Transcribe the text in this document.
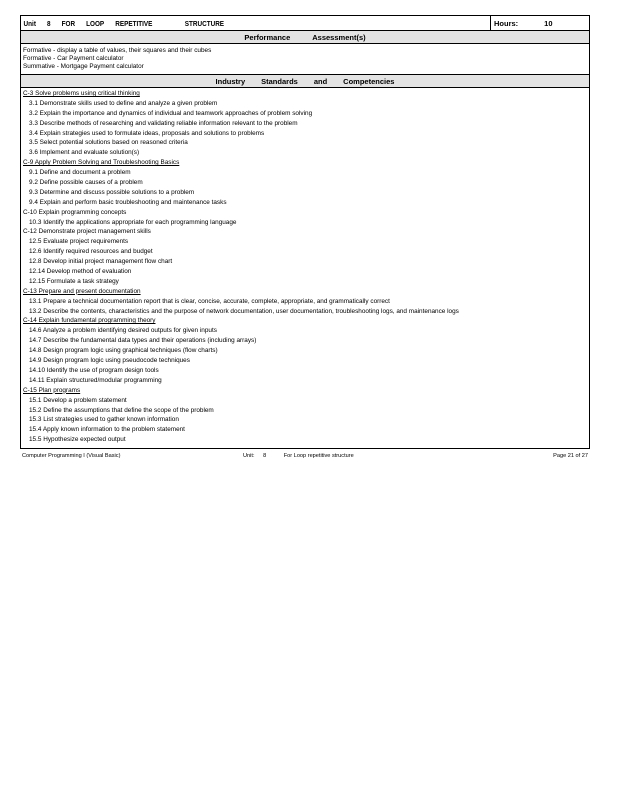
Unit 8 FOR LOOP REPETITIVE	STRUCTURE	Hours:	10
Performance	Assessment(s)
Formative - display a table of values, their squares and their cubes
Formative - Car Payment calculator
Summative - Mortgage Payment calculator
Industry Standards and Competencies
C-3 Solve problems using critical thinking
3.1 Demonstrate skills used to define and analyze a given problem
3.2 Explain the importance and dynamics of individual and teamwork approaches of problem solving
3.3 Describe methods of researching and validating reliable information relevant to the problem
3.4 Explain strategies used to formulate ideas, proposals and solutions to problems
3.5 Select potential solutions based on reasoned criteria
3.6 Implement and evaluate solution(s)
C-9 Apply Problem Solving and Troubleshooting Basics
9.1 Define and document a problem
9.2 Define possible causes of a problem
9.3 Determine and discuss possible solutions to a problem
9.4 Explain and perform basic troubleshooting and maintenance tasks
C-10 Explain programming concepts
10.3 Identify the applications appropriate for each programming language
C-12 Demonstrate project management skills
12.5 Evaluate project requirements
12.6 Identify required resources and budget
12.8 Develop initial project management flow chart
12.14 Develop method of evaluation
12.15 Formulate a task strategy
C-13 Prepare and present documentation
13.1 Prepare a technical documentation report that is clear, concise, accurate, complete, appropriate, and grammatically correct
13.2 Describe the contents, characteristics and the purpose of network documentation, user documentation, troubleshooting logs, and maintenance logs
C-14 Explain fundamental programming theory
14.6 Analyze a problem identifying desired outputs for given inputs
14.7 Describe the fundamental data types and their operations (including arrays)
14.8 Design program logic using graphical techniques (flow charts)
14.9 Design program logic using pseudocode techniques
14.10 Identify the use of program design tools
14.11 Explain structured/modular programming
C-15 Plan programs
15.1 Develop a problem statement
15.2 Define the assumptions that define the scope of the problem
15.3 List strategies used to gather known information
15.4 Apply known information to the problem statement
15.5 Hypothesize expected output
Computer Programming I (Visual Basic)	Unit: 8	For Loop repetitive structure	Page 21 of 27
